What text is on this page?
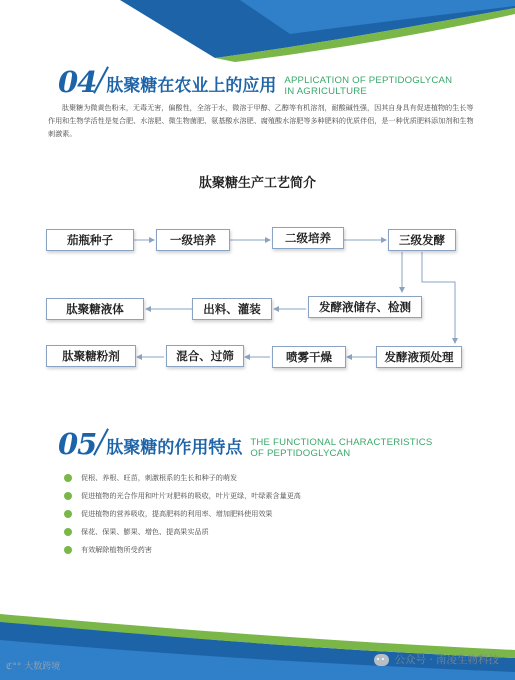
04 肽聚糖在农业上的应用 APPLICATION OF PEPTIDOGLYCAN
IN AGRICULTURE

肽聚糖为微黄色粉末，无毒无害，偏酸性，全溶于水，微溶于甲醇、乙醇等有机溶剂，耐酸碱性强，因其自身具有促进植物的生长等作用和生物学活性是复合肥、水溶肥、微生物菌肥、氨基酸水溶肥、腐殖酸水溶肥等多种肥料的优质伴侣，是一种优质肥料添加剂和生物刺激素。

肽聚糖生产工艺简介
茄瓶种子	一级培养	二级培养	三级发酵
发酵液储存、检测
出料、灌装
肽聚糖液体
发酵液预处理
喷雾干燥
混合、过筛
肽聚糖粉剂
05 肽聚糖的作用特点 THE FUNCTIONAL CHARACTERISTICS
OF PEPTIDOGLYCAN
促根、养根、旺苗，刺激根系的生长和种子的萌发
促进植物的光合作用和叶片对肥料的吸收，叶片更绿，叶绿素含量更高
促进植物的营养吸收，提高肥料的利用率、增加肥料使用效果
保花、保果、膨果、增色、提高果实品质
有效解除植物所受药害
ℭ°° 大数跨境
公众号 · 南凌生物科技
